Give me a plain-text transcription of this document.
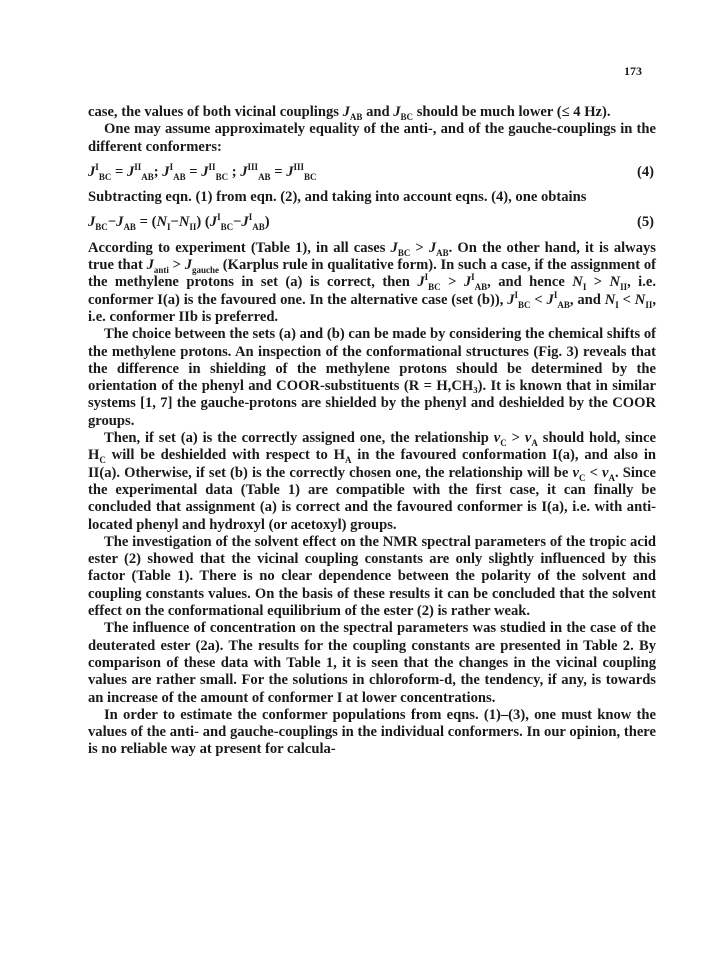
173

case, the values of both vicinal couplings $J_{AB}$ and $J_{BC}$ should be much lower (≤ 4 Hz).

One may assume approximately equality of the anti-, and of the gauche-couplings in the different conformers:

$J^I_{BC} = J^{II}_{AB}$; $J^I_{AB} = J^{II}_{BC}$ ; $J^{III}_{AB} = J^{III}_{BC}$	(4)

Subtracting eqn. (1) from eqn. (2), and taking into account eqns. (4), one obtains

$J_{BC}-J_{AB} = (N_I-N_{II})$ $(J^I_{BC}-J^I_{AB})$	(5)

According to experiment (Table 1), in all cases $J_{BC} > J_{AB}$. On the other hand, it is always true that $J_{anti} > J_{gauche}$ (Karplus rule in qualitative form). In such a case, if the assignment of the methylene protons in set (a) is correct, then $J^I_{BC} > J^I_{AB}$, and hence $N_I > N_{II}$, i.e. conformer I(a) is the favoured one. In the alternative case (set (b)), $J^I_{BC} < J^I_{AB}$, and $N_I < N_{II}$, i.e. conformer IIb is preferred.

The choice between the sets (a) and (b) can be made by considering the chemical shifts of the methylene protons. An inspection of the conformational structures (Fig. 3) reveals that the difference in shielding of the methylene protons should be determined by the orientation of the phenyl and COOR-substituents (R = H,CH₃). It is known that in similar systems [1, 7] the gauche-protons are shielded by the phenyl and deshielded by the COOR groups.

Then, if set (a) is the correctly assigned one, the relationship $\nu_C > \nu_A$ should hold, since $H_C$ will be deshielded with respect to $H_A$ in the favoured conformation I(a), and also in II(a). Otherwise, if set (b) is the correctly chosen one, the relationship will be $\nu_C < \nu_A$. Since the experimental data (Table 1) are compatible with the first case, it can finally be concluded that assignment (a) is correct and the favoured conformer is I(a), i.e. with anti-located phenyl and hydroxyl (or acetoxyl) groups.

The investigation of the solvent effect on the NMR spectral parameters of the tropic acid ester (2) showed that the vicinal coupling constants are only slightly influenced by this factor (Table 1). There is no clear dependence between the polarity of the solvent and coupling constants values. On the basis of these results it can be concluded that the solvent effect on the conformational equilibrium of the ester (2) is rather weak.

The influence of concentration on the spectral parameters was studied in the case of the deuterated ester (2a). The results for the coupling constants are presented in Table 2. By comparison of these data with Table 1, it is seen that the changes in the vicinal coupling values are rather small. For the solutions in chloroform-d, the tendency, if any, is towards an increase of the amount of conformer I at lower concentrations.

In order to estimate the conformer populations from eqns. (1)–(3), one must know the values of the anti- and gauche-couplings in the individual conformers. In our opinion, there is no reliable way at present for calcula-
